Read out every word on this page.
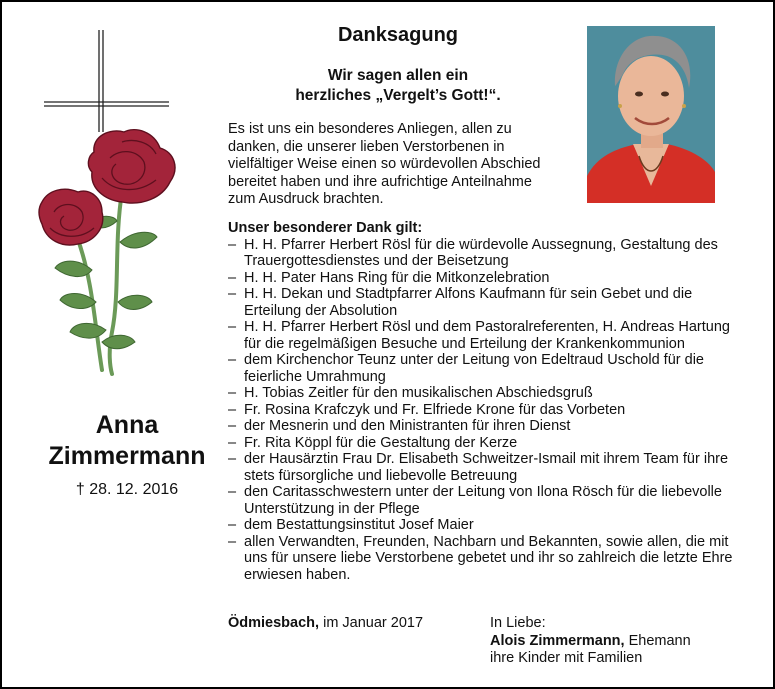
Danksagung
Wir sagen allen ein
herzliches „Vergelt’s Gott!“.
Es ist uns ein besonderes Anliegen, allen zu danken, die unserer lieben Verstorbenen in vielfältiger Weise einen so würdevollen Abschied bereitet haben und ihre aufrichtige Anteilnahme zum Ausdruck brachten.
Unser besonderer Dank gilt:
– H. H. Pfarrer Herbert Rösl für die würdevolle Aussegnung, Gestaltung des Trauergottesdienstes und der Beisetzung
– H. H. Pater Hans Ring für die Mitkonzelebration
– H. H. Dekan und Stadtpfarrer Alfons Kaufmann für sein Gebet und die Erteilung der Absolution
– H. H. Pfarrer Herbert Rösl und dem Pastoralreferenten, H. Andreas Hartung für die regelmäßigen Besuche und Erteilung der Krankenkommunion
– dem Kirchenchor Teunz unter der Leitung von Edeltraud Uschold für die feierliche Umrahmung
– H. Tobias Zeitler für den musikalischen Abschiedsgruß
– Fr. Rosina Krafczyk und Fr. Elfriede Krone für das Vorbeten
– der Mesnerin und den Ministranten für ihren Dienst
– Fr. Rita Köppl für die Gestaltung der Kerze
– der Hausärztin Frau Dr. Elisabeth Schweitzer-Ismail mit ihrem Team für ihre stets fürsorgliche und liebevolle Betreuung
– den Caritasschwestern unter der Leitung von Ilona Rösch für die liebevolle Unterstützung in der Pflege
– dem Bestattungsinstitut Josef Maier
– allen Verwandten, Freunden, Nachbarn und Bekannten, sowie allen, die mit uns für unsere liebe Verstorbene gebetet und ihr so zahlreich die letzte Ehre erwiesen haben.
Anna
Zimmermann
† 28. 12. 2016
Ödmiesbach, im Januar 2017	In Liebe:
Alois Zimmermann, Ehemann
ihre Kinder mit Familien
